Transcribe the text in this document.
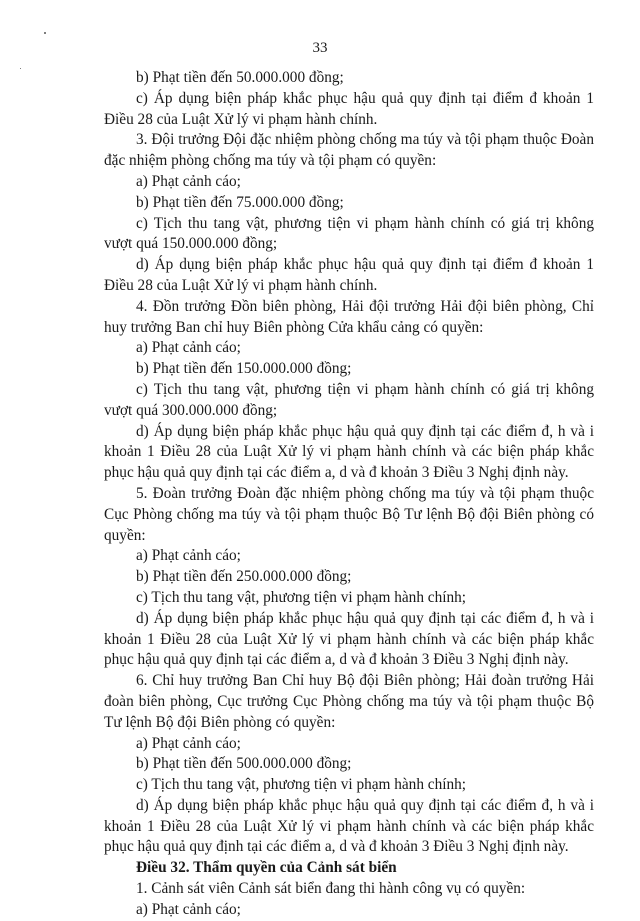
33

b) Phạt tiền đến 50.000.000 đồng;

c) Áp dụng biện pháp khắc phục hậu quả quy định tại điểm đ khoản 1 Điều 28 của Luật Xử lý vi phạm hành chính.

3. Đội trưởng Đội đặc nhiệm phòng chống ma túy và tội phạm thuộc Đoàn đặc nhiệm phòng chống ma túy và tội phạm có quyền:

a) Phạt cảnh cáo;

b) Phạt tiền đến 75.000.000 đồng;

c) Tịch thu tang vật, phương tiện vi phạm hành chính có giá trị không vượt quá 150.000.000 đồng;

d) Áp dụng biện pháp khắc phục hậu quả quy định tại điểm đ khoản 1 Điều 28 của Luật Xử lý vi phạm hành chính.

4. Đồn trưởng Đồn biên phòng, Hải đội trưởng Hải đội biên phòng, Chỉ huy trưởng Ban chỉ huy Biên phòng Cửa khẩu cảng có quyền:

a) Phạt cảnh cáo;

b) Phạt tiền đến 150.000.000 đồng;

c) Tịch thu tang vật, phương tiện vi phạm hành chính có giá trị không vượt quá 300.000.000 đồng;

d) Áp dụng biện pháp khắc phục hậu quả quy định tại các điểm đ, h và i khoản 1 Điều 28 của Luật Xử lý vi phạm hành chính và các biện pháp khắc phục hậu quả quy định tại các điểm a, d và đ khoản 3 Điều 3 Nghị định này.

5. Đoàn trưởng Đoàn đặc nhiệm phòng chống ma túy và tội phạm thuộc Cục Phòng chống ma túy và tội phạm thuộc Bộ Tư lệnh Bộ đội Biên phòng có quyền:

a) Phạt cảnh cáo;

b) Phạt tiền đến 250.000.000 đồng;

c) Tịch thu tang vật, phương tiện vi phạm hành chính;

d) Áp dụng biện pháp khắc phục hậu quả quy định tại các điểm đ, h và i khoản 1 Điều 28 của Luật Xử lý vi phạm hành chính và các biện pháp khắc phục hậu quả quy định tại các điểm a, d và đ khoản 3 Điều 3 Nghị định này.

6. Chỉ huy trưởng Ban Chỉ huy Bộ đội Biên phòng; Hải đoàn trưởng Hải đoàn biên phòng, Cục trưởng Cục Phòng chống ma túy và tội phạm thuộc Bộ Tư lệnh Bộ đội Biên phòng có quyền:

a) Phạt cảnh cáo;

b) Phạt tiền đến 500.000.000 đồng;

c) Tịch thu tang vật, phương tiện vi phạm hành chính;

d) Áp dụng biện pháp khắc phục hậu quả quy định tại các điểm đ, h và i khoản 1 Điều 28 của Luật Xử lý vi phạm hành chính và các biện pháp khắc phục hậu quả quy định tại các điểm a, d và đ khoản 3 Điều 3 Nghị định này.

Điều 32. Thẩm quyền của Cảnh sát biển

1. Cảnh sát viên Cảnh sát biển đang thi hành công vụ có quyền:

a) Phạt cảnh cáo;
